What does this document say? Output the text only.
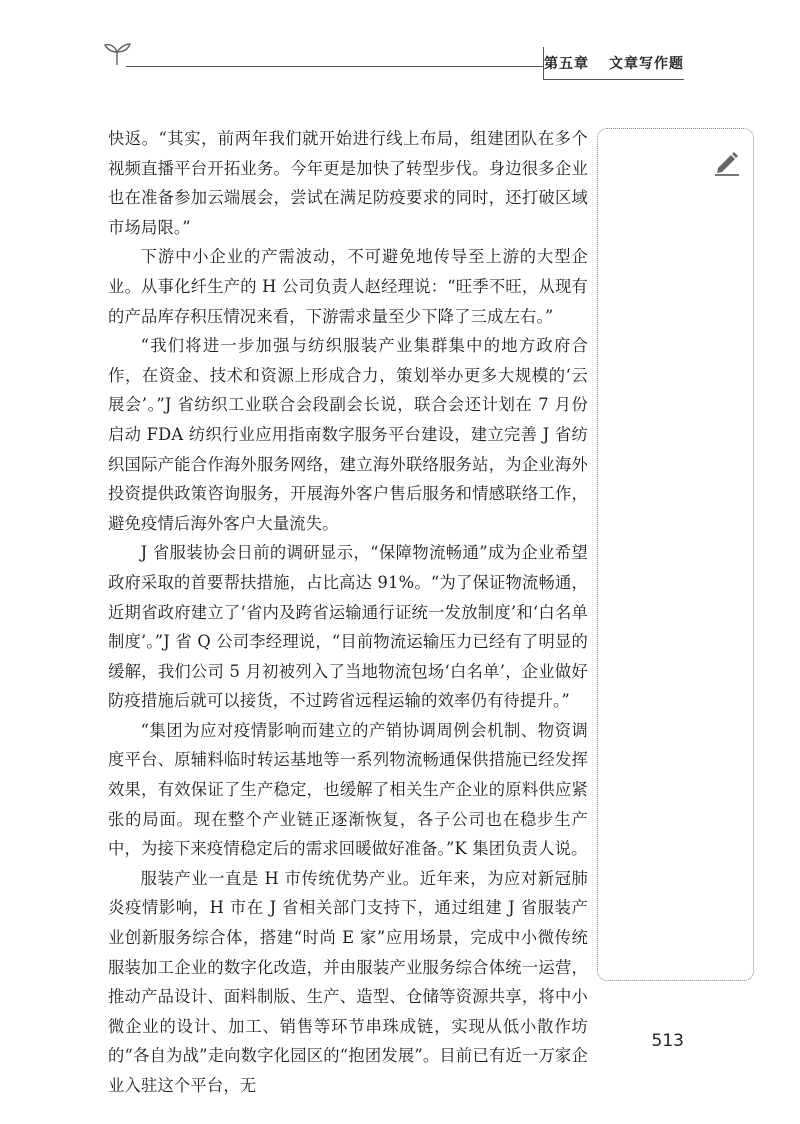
第五章 文章写作题

快返。“其实，前两年我们就开始进行线上布局，组建团队在多个视频直播平台开拓业务。今年更是加快了转型步伐。身边很多企业也在准备参加云端展会，尝试在满足防疫要求的同时，还打破区域市场局限。”

下游中小企业的产需波动，不可避免地传导至上游的大型企业。从事化纤生产的 H 公司负责人赵经理说：“旺季不旺，从现有的产品库存积压情况来看，下游需求量至少下降了三成左右。”

“我们将进一步加强与纺织服装产业集群集中的地方政府合作，在资金、技术和资源上形成合力，策划举办更多大规模的‘云展会’。”J 省纺织工业联合会段副会长说，联合会还计划在 7 月份启动 FDA 纺织行业应用指南数字服务平台建设，建立完善 J 省纺织国际产能合作海外服务网络，建立海外联络服务站，为企业海外投资提供政策咨询服务，开展海外客户售后服务和情感联络工作，避免疫情后海外客户大量流失。

J 省服装协会日前的调研显示，“保障物流畅通”成为企业希望政府采取的首要帮扶措施，占比高达 91%。“为了保证物流畅通，近期省政府建立了‘省内及跨省运输通行证统一发放制度’和‘白名单制度’。”J 省 Q 公司李经理说，“目前物流运输压力已经有了明显的缓解，我们公司 5 月初被列入了当地物流包场‘白名单’，企业做好防疫措施后就可以接货，不过跨省远程运输的效率仍有待提升。”

“集团为应对疫情影响而建立的产销协调周例会机制、物资调度平台、原辅料临时转运基地等一系列物流畅通保供措施已经发挥效果，有效保证了生产稳定，也缓解了相关生产企业的原料供应紧张的局面。现在整个产业链正逐渐恢复，各子公司也在稳步生产中，为接下来疫情稳定后的需求回暖做好准备。”K 集团负责人说。

服装产业一直是 H 市传统优势产业。近年来，为应对新冠肺炎疫情影响，H 市在 J 省相关部门支持下，通过组建 J 省服装产业创新服务综合体，搭建“时尚 E 家”应用场景，完成中小微传统服装加工企业的数字化改造，并由服装产业服务综合体统一运营，推动产品设计、面料制版、生产、造型、仓储等资源共享，将中小微企业的设计、加工、销售等环节串珠成链，实现从低小散作坊的“各自为战”走向数字化园区的“抱团发展”。目前已有近一万家企业入驻这个平台，无

513
